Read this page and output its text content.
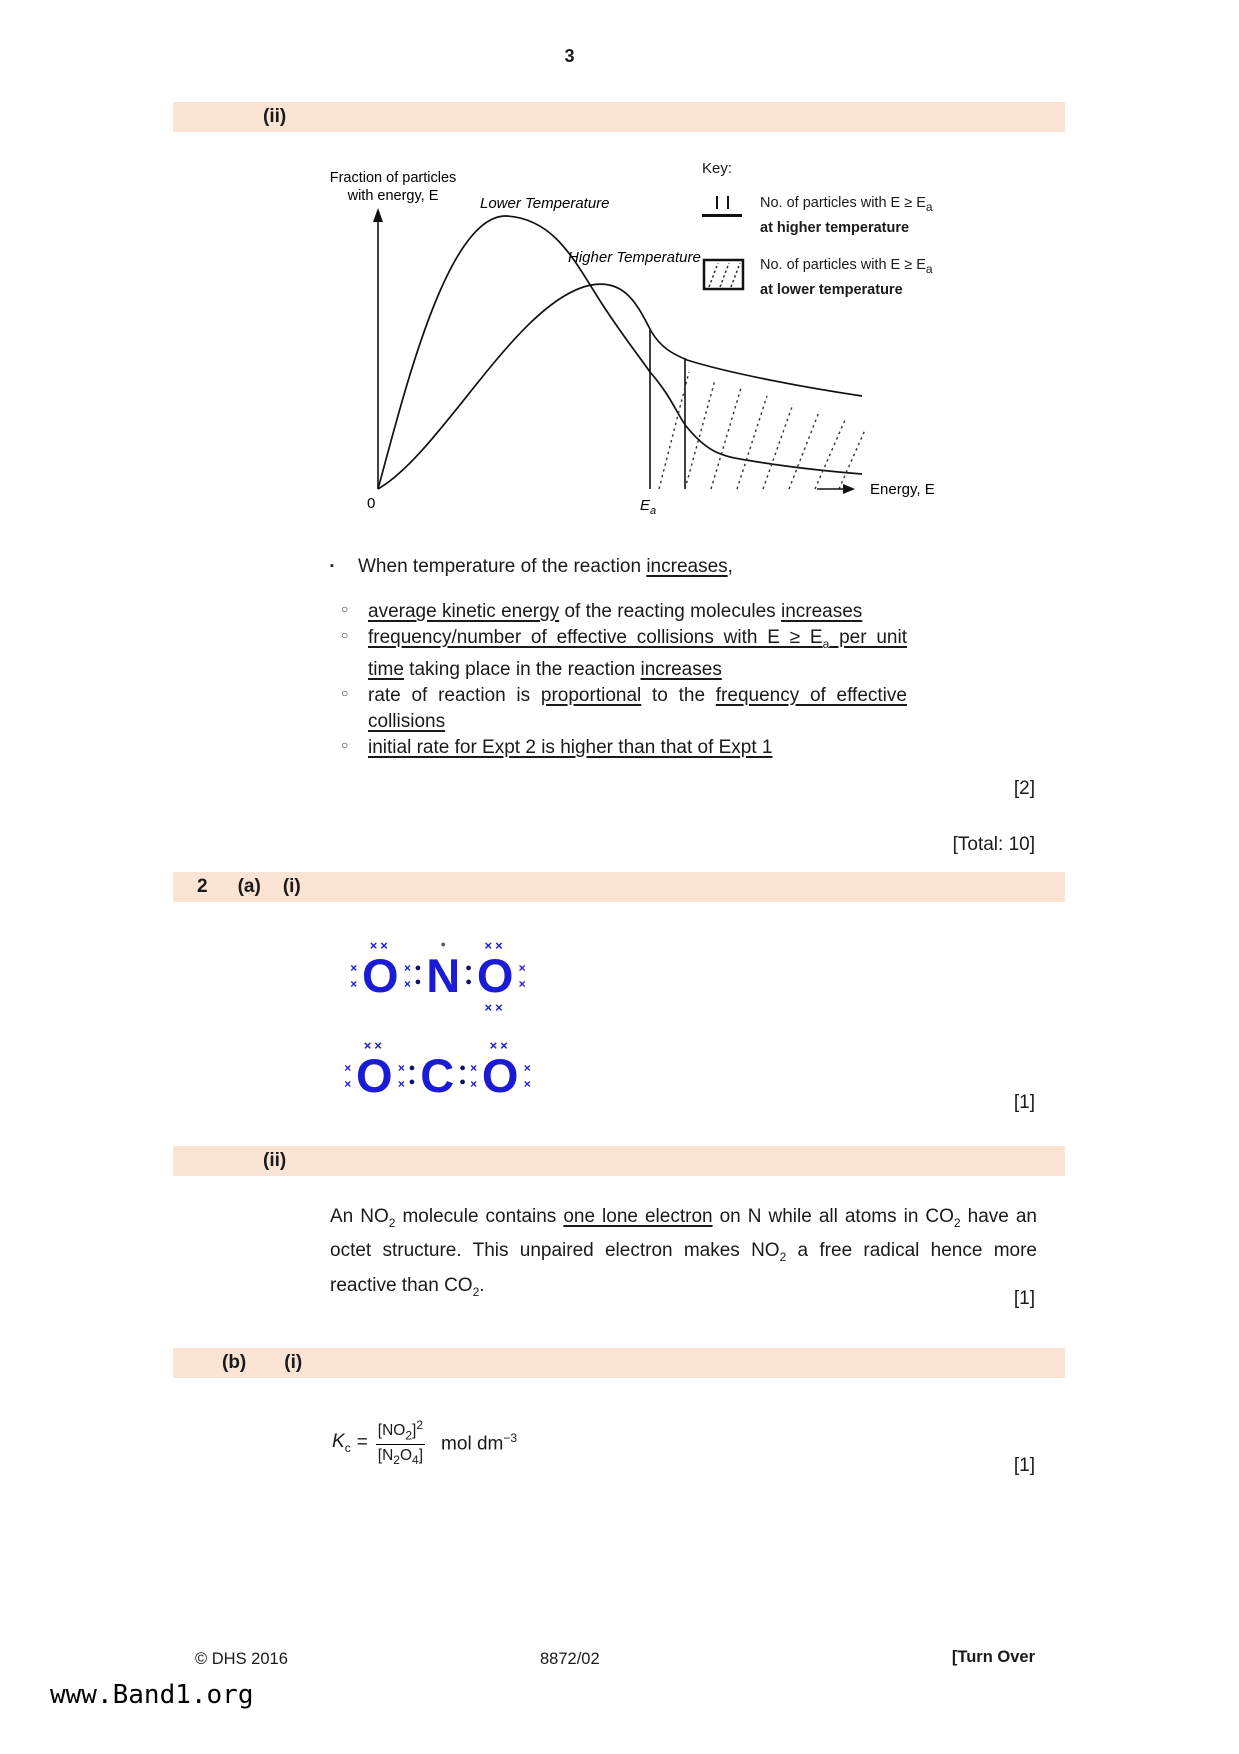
3
(ii)
Fraction of particles
with energy, E	Lower Temperature
Higher Temperature
Energy, E
0	$E_a$
Key:
No. of particles with $E \ge E_a$
at higher temperature
No. of particles with $E \ge E_a$
at lower temperature
▪	When temperature of the reaction increases,
○	average kinetic energy of the reacting molecules increases
○	frequency/number of effective collisions with $E \ge E_a$ per unit time taking place in the reaction increases
○	rate of reaction is proportional to the frequency of effective collisions
○	initial rate for Expt 2 is higher than that of Expt 1
[2]
[Total: 10]
2 (a) (i)
×
×
××
O ×
×
●
●
●
N ●
●
××
O
××
×
×
×
×
××
O ×
×
●
● C ●
●
×
×
××
O ×
×
[1]
(ii)
An $NO_2$ molecule contains one lone electron on N while all atoms in $CO_2$ have an octet structure. This unpaired electron makes $NO_2$ a free radical hence more reactive than $CO_2$.
[1]
(b) (i)
$K_c = \frac{[NO_2]^2}{[N_2O_4]}$ mol $dm^{-3}$
[1]
© DHS 2016	8872/02	[Turn Over
www.Band1.org
